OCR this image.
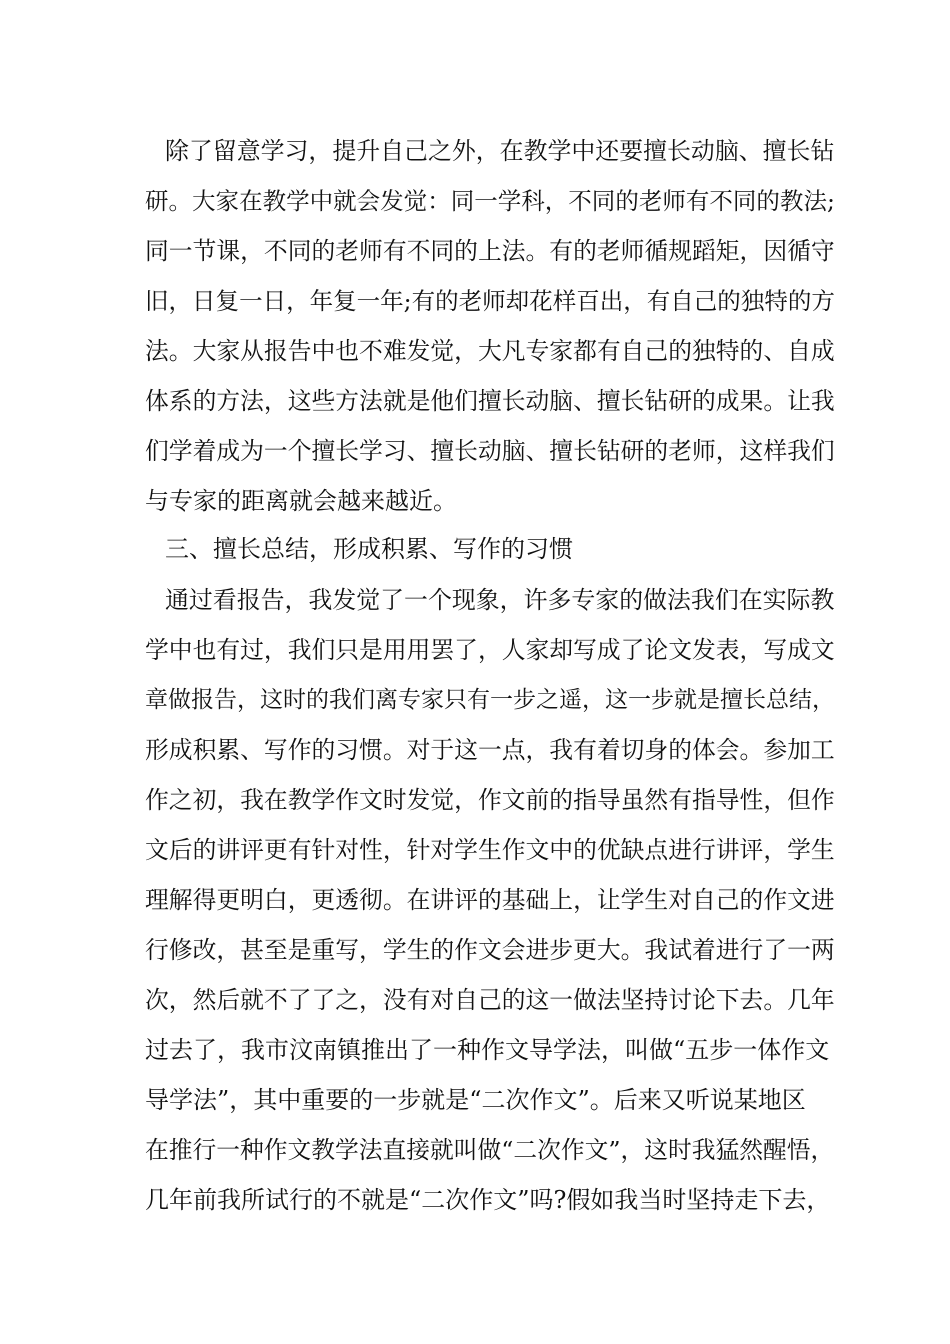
除了留意学习，提升自己之外，在教学中还要擅长动脑、擅长钻
研。大家在教学中就会发觉：同一学科，不同的老师有不同的教法;
同一节课，不同的老师有不同的上法。有的老师循规蹈矩，因循守
旧，日复一日，年复一年;有的老师却花样百出，有自己的独特的方
法。大家从报告中也不难发觉，大凡专家都有自己的独特的、自成
体系的方法，这些方法就是他们擅长动脑、擅长钻研的成果。让我
们学着成为一个擅长学习、擅长动脑、擅长钻研的老师，这样我们
与专家的距离就会越来越近。
三、擅长总结，形成积累、写作的习惯
通过看报告，我发觉了一个现象，许多专家的做法我们在实际教
学中也有过，我们只是用用罢了，人家却写成了论文发表，写成文
章做报告，这时的我们离专家只有一步之遥，这一步就是擅长总结，
形成积累、写作的习惯。对于这一点，我有着切身的体会。参加工
作之初，我在教学作文时发觉，作文前的指导虽然有指导性，但作
文后的讲评更有针对性，针对学生作文中的优缺点进行讲评，学生
理解得更明白，更透彻。在讲评的基础上，让学生对自己的作文进
行修改，甚至是重写，学生的作文会进步更大。我试着进行了一两
次，然后就不了了之，没有对自己的这一做法坚持讨论下去。几年
过去了，我市汶南镇推出了一种作文导学法，叫做“五步一体作文
导学法”，其中重要的一步就是“二次作文”。后来又听说某地区
在推行一种作文教学法直接就叫做“二次作文”，这时我猛然醒悟，
几年前我所试行的不就是“二次作文”吗?假如我当时坚持走下去，
